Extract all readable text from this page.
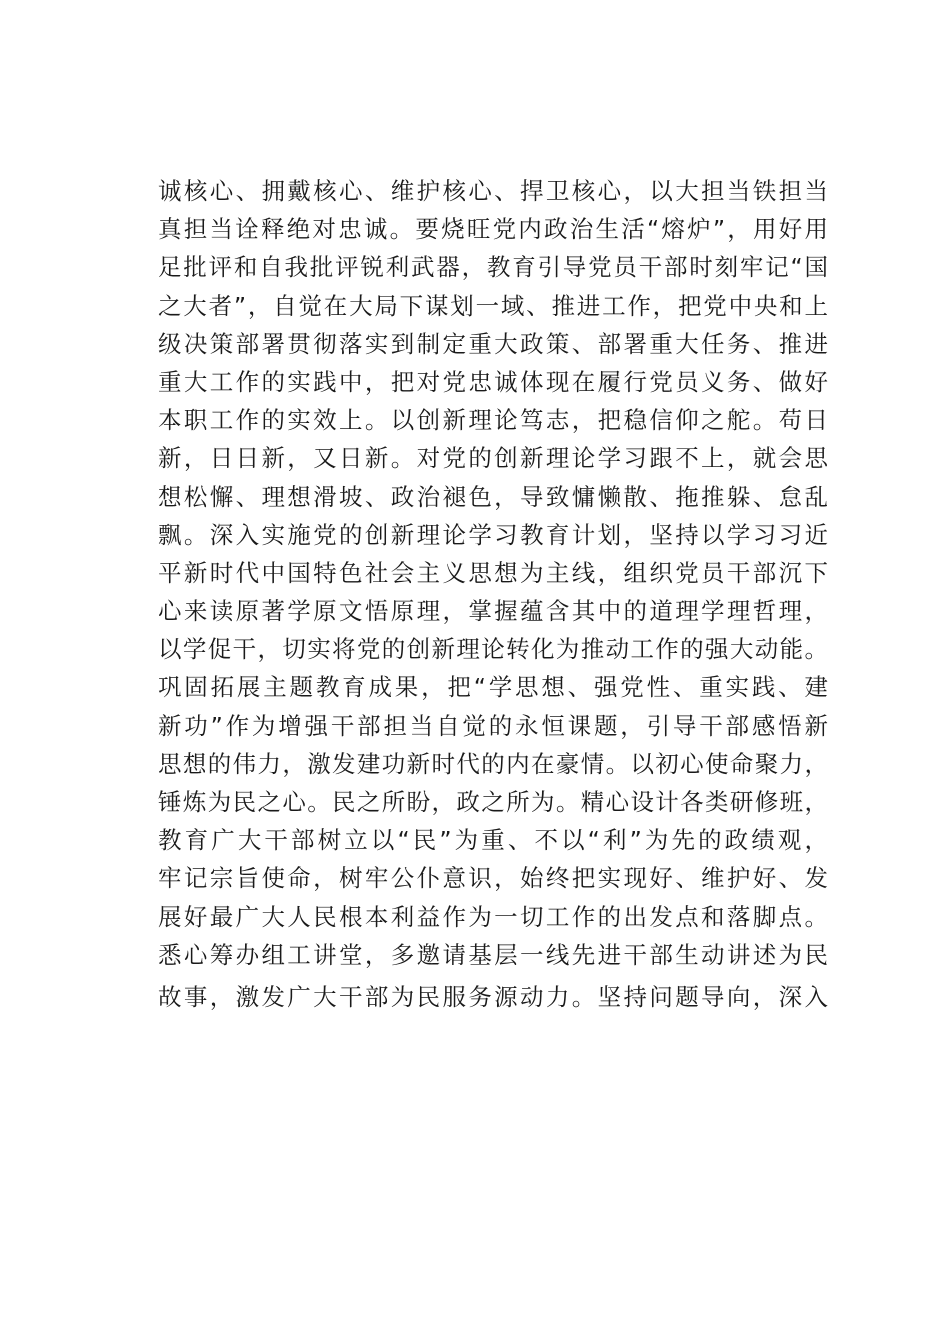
诚核心、拥戴核心、维护核心、捍卫核心，以大担当铁担当
真担当诠释绝对忠诚。要烧旺党内政治生活“熔炉”，用好用
足批评和自我批评锐利武器，教育引导党员干部时刻牢记“国
之大者”，自觉在大局下谋划一域、推进工作，把党中央和上
级决策部署贯彻落实到制定重大政策、部署重大任务、推进
重大工作的实践中，把对党忠诚体现在履行党员义务、做好
本职工作的实效上。以创新理论笃志，把稳信仰之舵。苟日
新，日日新，又日新。对党的创新理论学习跟不上，就会思
想松懈、理想滑坡、政治褪色，导致慵懒散、拖推躲、怠乱
飘。深入实施党的创新理论学习教育计划，坚持以学习习近
平新时代中国特色社会主义思想为主线，组织党员干部沉下
心来读原著学原文悟原理，掌握蕴含其中的道理学理哲理，
以学促干，切实将党的创新理论转化为推动工作的强大动能。
巩固拓展主题教育成果，把“学思想、强党性、重实践、建
新功”作为增强干部担当自觉的永恒课题，引导干部感悟新
思想的伟力，激发建功新时代的内在豪情。以初心使命聚力，
锤炼为民之心。民之所盼，政之所为。精心设计各类研修班，
教育广大干部树立以“民”为重、不以“利”为先的政绩观，
牢记宗旨使命，树牢公仆意识，始终把实现好、维护好、发
展好最广大人民根本利益作为一切工作的出发点和落脚点。
悉心筹办组工讲堂，多邀请基层一线先进干部生动讲述为民
故事，激发广大干部为民服务源动力。坚持问题导向，深入
